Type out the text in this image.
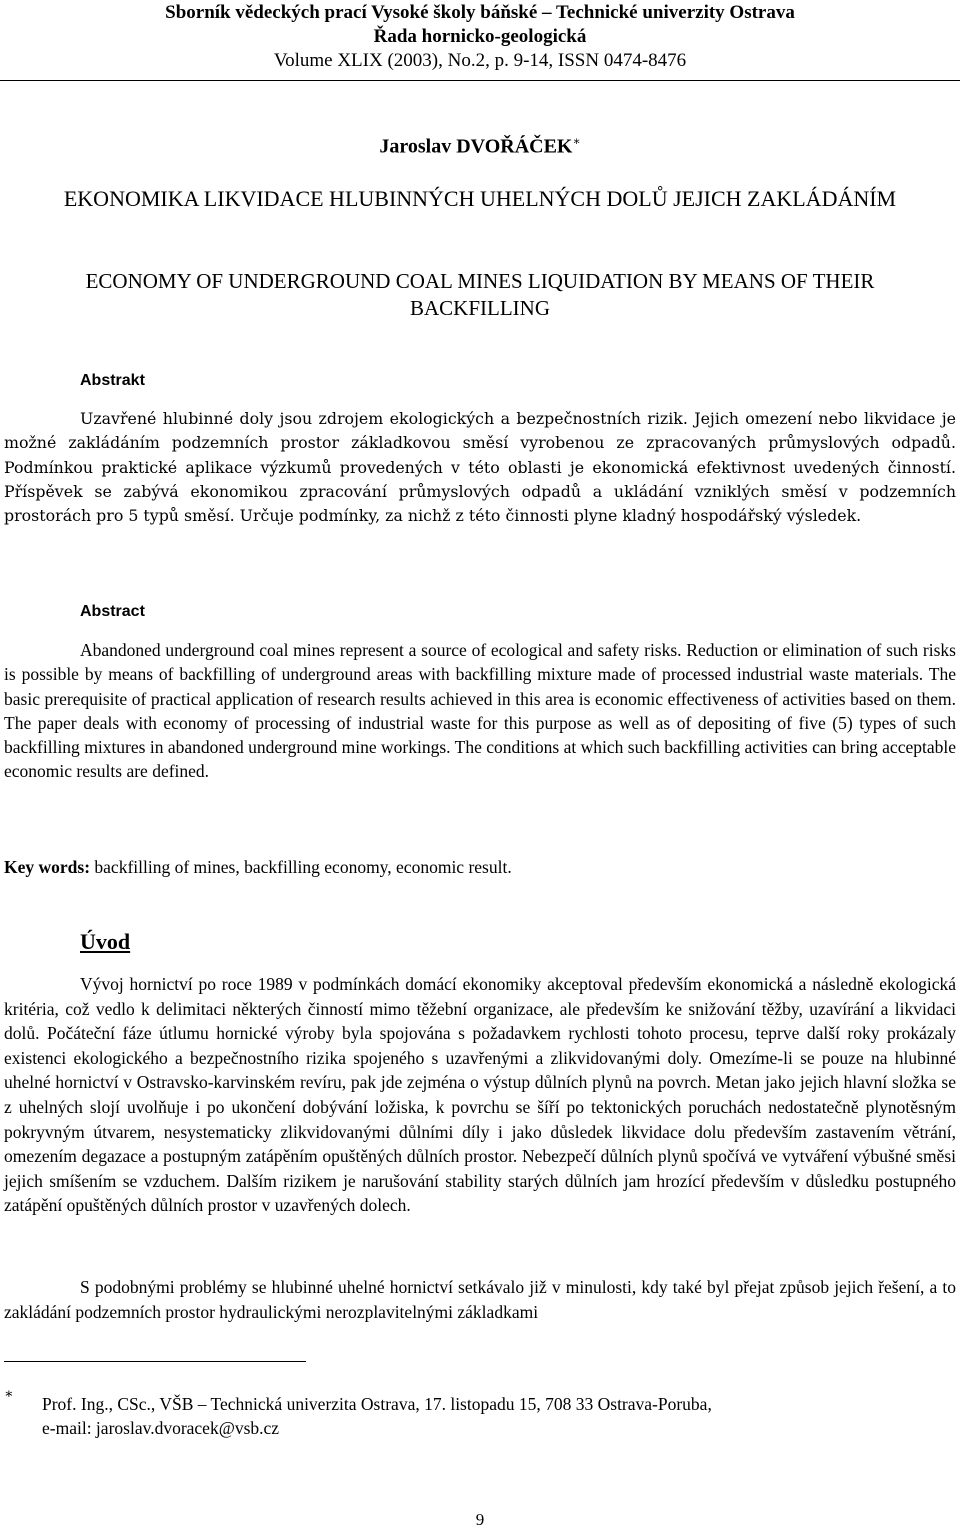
Sborník vědeckých prací Vysoké školy báňské – Technické univerzity Ostrava
Řada hornicko-geologická
Volume XLIX (2003), No.2, p. 9-14, ISSN 0474-8476
Jaroslav DVOŘÁČEK∗
EKONOMIKA LIKVIDACE HLUBINNÝCH UHELNÝCH DOLŮ JEJICH ZAKLÁDÁNÍM
ECONOMY OF UNDERGROUND COAL MINES LIQUIDATION BY MEANS OF THEIR BACKFILLING
Abstrakt
Uzavřené hlubinné doly jsou zdrojem ekologických a bezpečnostních rizik. Jejich omezení nebo likvidace je možné zakládáním podzemních prostor základkovou směsí vyrobenou ze zpracovaných průmyslových odpadů. Podmínkou praktické aplikace výzkumů provedených v této oblasti je ekonomická efektivnost uvedených činností. Příspěvek se zabývá ekonomikou zpracování průmyslových odpadů a ukládání vzniklých směsí v podzemních prostorách pro 5 typů směsí. Určuje podmínky, za nichž z této činnosti plyne kladný hospodářský výsledek.
Abstract
Abandoned underground coal mines represent a source of ecological and safety risks. Reduction or elimination of such risks is possible by means of backfilling of underground areas with backfilling mixture made of processed industrial waste materials. The basic prerequisite of practical application of research results achieved in this area is economic effectiveness of activities based on them. The paper deals with economy of processing of industrial waste for this purpose as well as of depositing of five (5) types of such backfilling mixtures in abandoned underground mine workings. The conditions at which such backfilling activities can bring acceptable economic results are defined.
Key words: backfilling of mines, backfilling economy, economic result.
Úvod
Vývoj hornictví po roce 1989 v podmínkách domácí ekonomiky akceptoval především ekonomická a následně ekologická kritéria, což vedlo k delimitaci některých činností mimo těžební organizace, ale především ke snižování těžby, uzavírání a likvidaci dolů. Počáteční fáze útlumu hornické výroby byla spojována s požadavkem rychlosti tohoto procesu, teprve další roky prokázaly existenci ekologického a bezpečnostního rizika spojeného s uzavřenými a zlikvidovanými doly. Omezíme-li se pouze na hlubinné uhelné hornictví v Ostravsko-karvinském revíru, pak jde zejména o výstup důlních plynů na povrch. Metan jako jejich hlavní složka se z uhelných slojí uvolňuje i po ukončení dobývání ložiska, k povrchu se šíří po tektonických poruchách nedostatečně plynotěsným pokryvným útvarem, nesystematicky zlikvidovanými důlními díly i jako důsledek likvidace dolu především zastavením větrání, omezením degazace a postupným zatápěním opuštěných důlních prostor. Nebezpečí důlních plynů spočívá ve vytváření výbušné směsi jejich smíšením se vzduchem. Dalším rizikem je narušování stability starých důlních jam hrozící především v důsledku postupného zatápění opuštěných důlních prostor v uzavřených dolech.
S podobnými problémy se hlubinné uhelné hornictví setkávalo již v minulosti, kdy také byl přejat způsob jejich řešení, a to zakládání podzemních prostor hydraulickými nerozplavitelnými základkami
∗ Prof. Ing., CSc., VŠB – Technická univerzita Ostrava, 17. listopadu 15, 708 33 Ostrava-Poruba,
e-mail: jaroslav.dvoracek@vsb.cz
9
